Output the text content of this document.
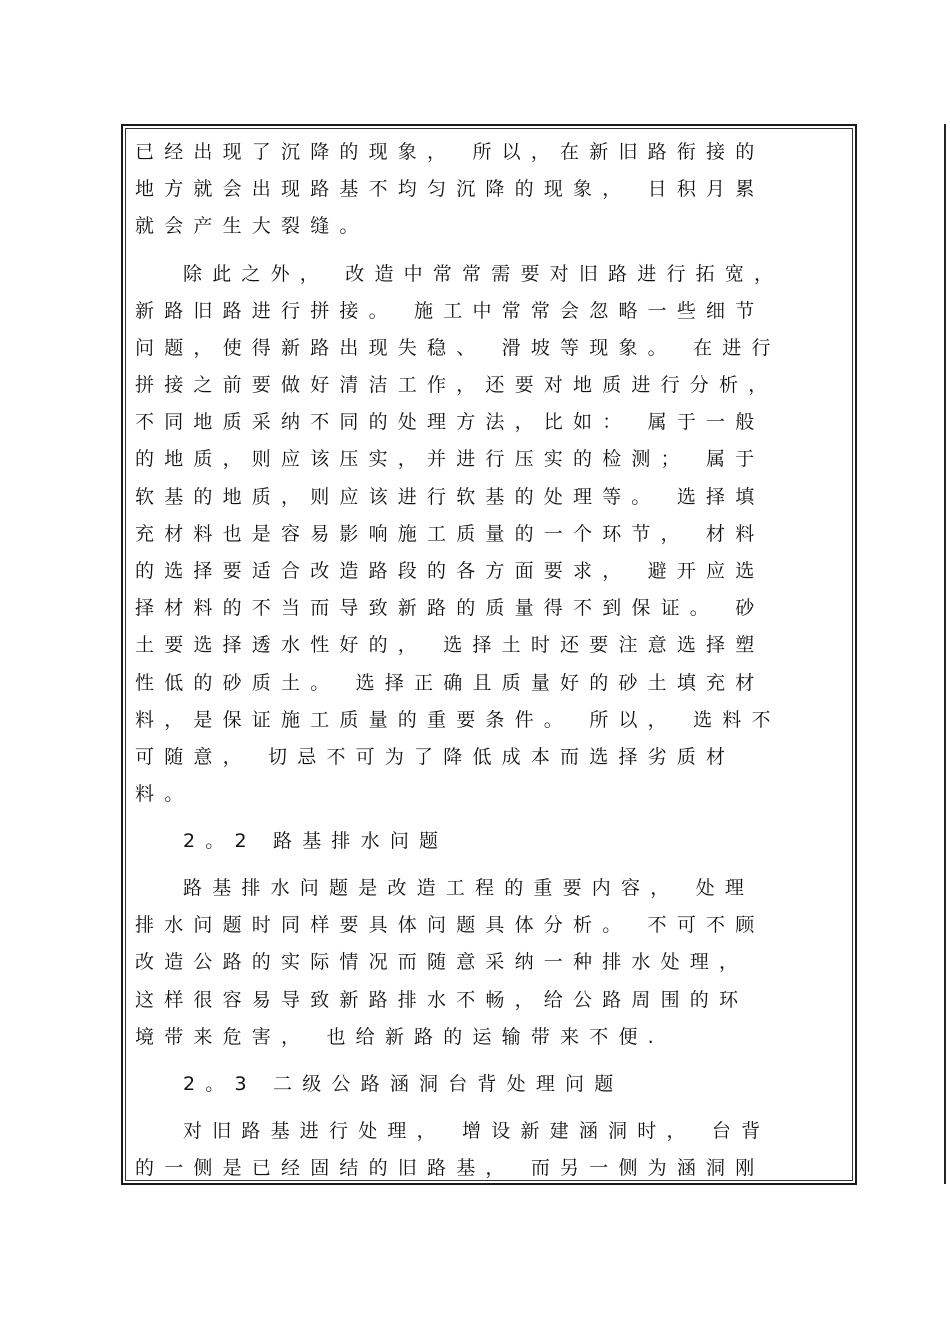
已经出现了沉降的现象， 所以，在新旧路衔接的
地方就会出现路基不均匀沉降的现象， 日积月累
就会产生大裂缝。
除此之外， 改造中常常需要对旧路进行拓宽，
新路旧路进行拼接。 施工中常常会忽略一些细节
问题，使得新路出现失稳、 滑坡等现象。 在进行
拼接之前要做好清洁工作，还要对地质进行分析，
不同地质采纳不同的处理方法，比如： 属于一般
的地质，则应该压实，并进行压实的检测； 属于
软基的地质，则应该进行软基的处理等。 选择填
充材料也是容易影响施工质量的一个环节， 材料
的选择要适合改造路段的各方面要求， 避开应选
择材料的不当而导致新路的质量得不到保证。 砂
土要选择透水性好的， 选择土时还要注意选择塑
性低的砂质土。 选择正确且质量好的砂土填充材
料，是保证施工质量的重要条件。 所以， 选料不
可随意， 切忌不可为了降低成本而选择劣质材
料。
2。2 路基排水问题
路基排水问题是改造工程的重要内容， 处理
排水问题时同样要具体问题具体分析。 不可不顾
改造公路的实际情况而随意采纳一种排水处理，
这样很容易导致新路排水不畅，给公路周围的环
境带来危害， 也给新路的运输带来不便.
2。3 二级公路涵洞台背处理问题
对旧路基进行处理， 增设新建涵洞时， 台背
的一侧是已经固结的旧路基， 而另一侧为涵洞刚
